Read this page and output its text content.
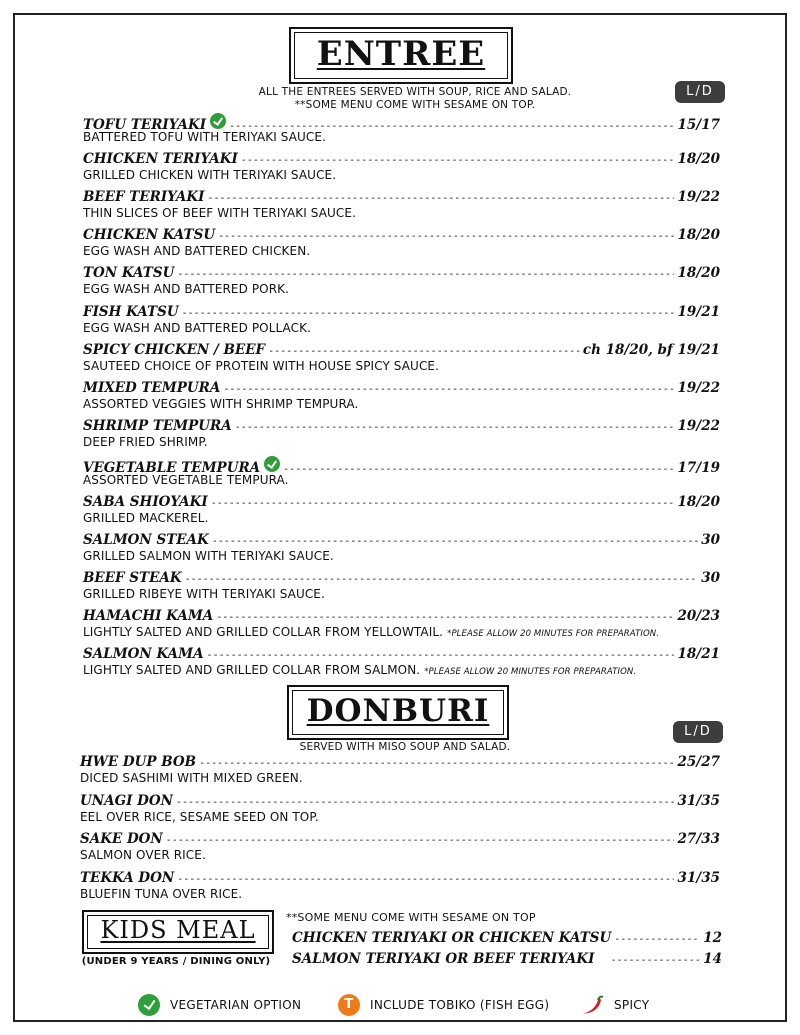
ENTREE
ALL THE ENTREES SERVED WITH SOUP, RICE AND SALAD.
**SOME MENU COME WITH SESAME ON TOP.
L/D
TOFU TERIYAKI -----	15/17
BATTERED TOFU WITH TERIYAKI SAUCE.
CHICKEN TERIYAKI -----	18/20
GRILLED CHICKEN WITH TERIYAKI SAUCE.
BEEF TERIYAKI -----	19/22
THIN SLICES OF BEEF WITH TERIYAKI SAUCE.
CHICKEN KATSU -----	18/20
EGG WASH AND BATTERED CHICKEN.
TON KATSU -----	18/20
EGG WASH AND BATTERED PORK.
FISH KATSU -----	19/21
EGG WASH AND BATTERED POLLACK.
SPICY CHICKEN / BEEF -----	ch 18/20, bf 19/21
SAUTEED CHOICE OF PROTEIN WITH HOUSE SPICY SAUCE.
MIXED TEMPURA -----	19/22
ASSORTED VEGGIES WITH SHRIMP TEMPURA.
SHRIMP TEMPURA -----	19/22
DEEP FRIED SHRIMP.
VEGETABLE TEMPURA -----	17/19
ASSORTED VEGETABLE TEMPURA.
SABA SHIOYAKI -----	18/20
GRILLED MACKEREL.
SALMON STEAK -----	30
GRILLED SALMON WITH TERIYAKI SAUCE.
BEEF STEAK -----	30
GRILLED RIBEYE WITH TERIYAKI SAUCE.
HAMACHI KAMA -----	20/23
LIGHTLY SALTED AND GRILLED COLLAR FROM YELLOWTAIL. *PLEASE ALLOW 20 MINUTES FOR PREPARATION.
SALMON KAMA -----	18/21
LIGHTLY SALTED AND GRILLED COLLAR FROM SALMON. *PLEASE ALLOW 20 MINUTES FOR PREPARATION.
DONBURI
SERVED WITH MISO SOUP AND SALAD.
L/D
HWE DUP BOB -----	25/27
DICED SASHIMI WITH MIXED GREEN.
UNAGI DON -----	31/35
EEL OVER RICE, SESAME SEED ON TOP.
SAKE DON -----	27/33
SALMON OVER RICE.
TEKKA DON -----	31/35
BLUEFIN TUNA OVER RICE.
KIDS MEAL
(UNDER 9 YEARS / DINING ONLY)
**SOME MENU COME WITH SESAME ON TOP
CHICKEN TERIYAKI OR CHICKEN KATSU -----	12
SALMON TERIYAKI OR BEEF TERIYAKI -----	14
VEGETARIAN OPTION	T	INCLUDE TOBIKO (FISH EGG)	SPICY
